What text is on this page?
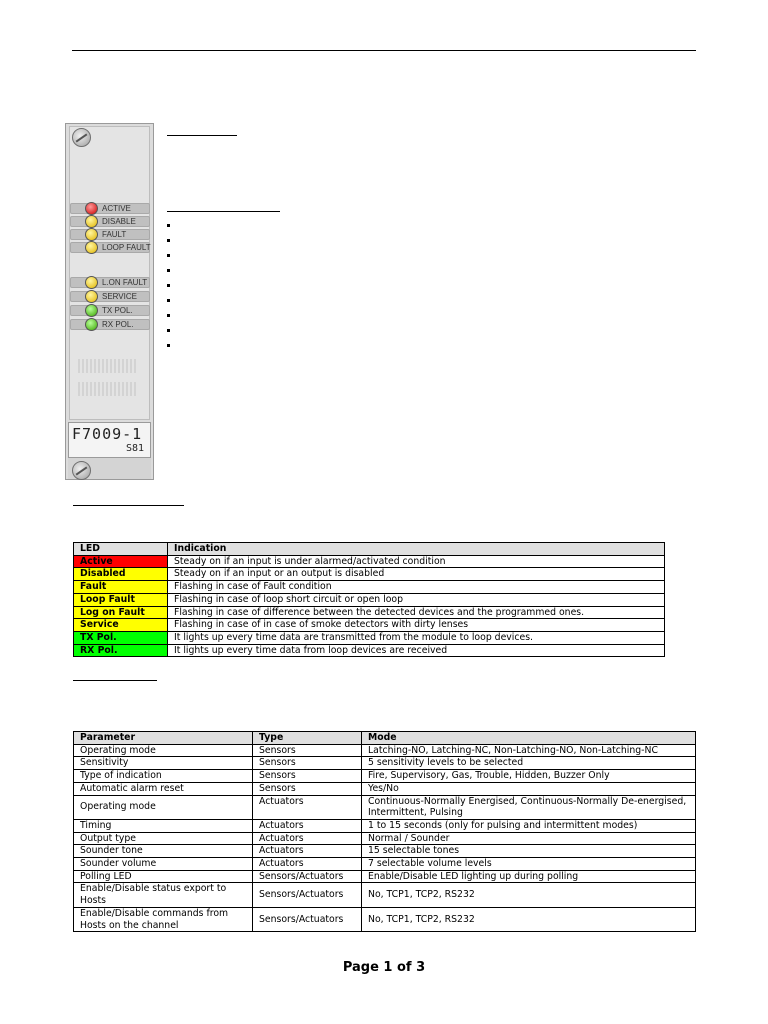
ACTIVE
DISABLE
FAULT
LOOP FAULT
L.ON FAULT
SERVICE
TX POL.
RX POL.
F7009-1
S81
LED	Indication
Active	Steady on if an input is under alarmed/activated condition
Disabled	Steady on if an input or an output is disabled
Fault	Flashing in case of Fault condition
Loop Fault	Flashing in case of loop short circuit or open loop
Log on Fault	Flashing in case of difference between the detected devices and the programmed ones.
Service	Flashing in case of in case of smoke detectors with dirty lenses
TX Pol.	It lights up every time data are transmitted from the module to loop devices.
RX Pol.	It lights up every time data from loop devices are received
Parameter	Type	Mode
Operating mode	Sensors	Latching-NO, Latching-NC, Non-Latching-NO, Non-Latching-NC
Sensitivity	Sensors	5 sensitivity levels to be selected
Type of indication	Sensors	Fire, Supervisory, Gas, Trouble, Hidden, Buzzer Only
Automatic alarm reset	Sensors	Yes/No
Operating mode	Actuators	Continuous-Normally Energised, Continuous-Normally De-energised, Intermittent, Pulsing
Timing	Actuators	1 to 15 seconds (only for pulsing and intermittent modes)
Output type	Actuators	Normal / Sounder
Sounder tone	Actuators	15 selectable tones
Sounder volume	Actuators	7 selectable volume levels
Polling LED	Sensors/Actuators	Enable/Disable LED lighting up during polling
Enable/Disable status export to Hosts	Sensors/Actuators	No, TCP1, TCP2, RS232
Enable/Disable commands from Hosts on the channel	Sensors/Actuators	No, TCP1, TCP2, RS232
Page 1 of 3
